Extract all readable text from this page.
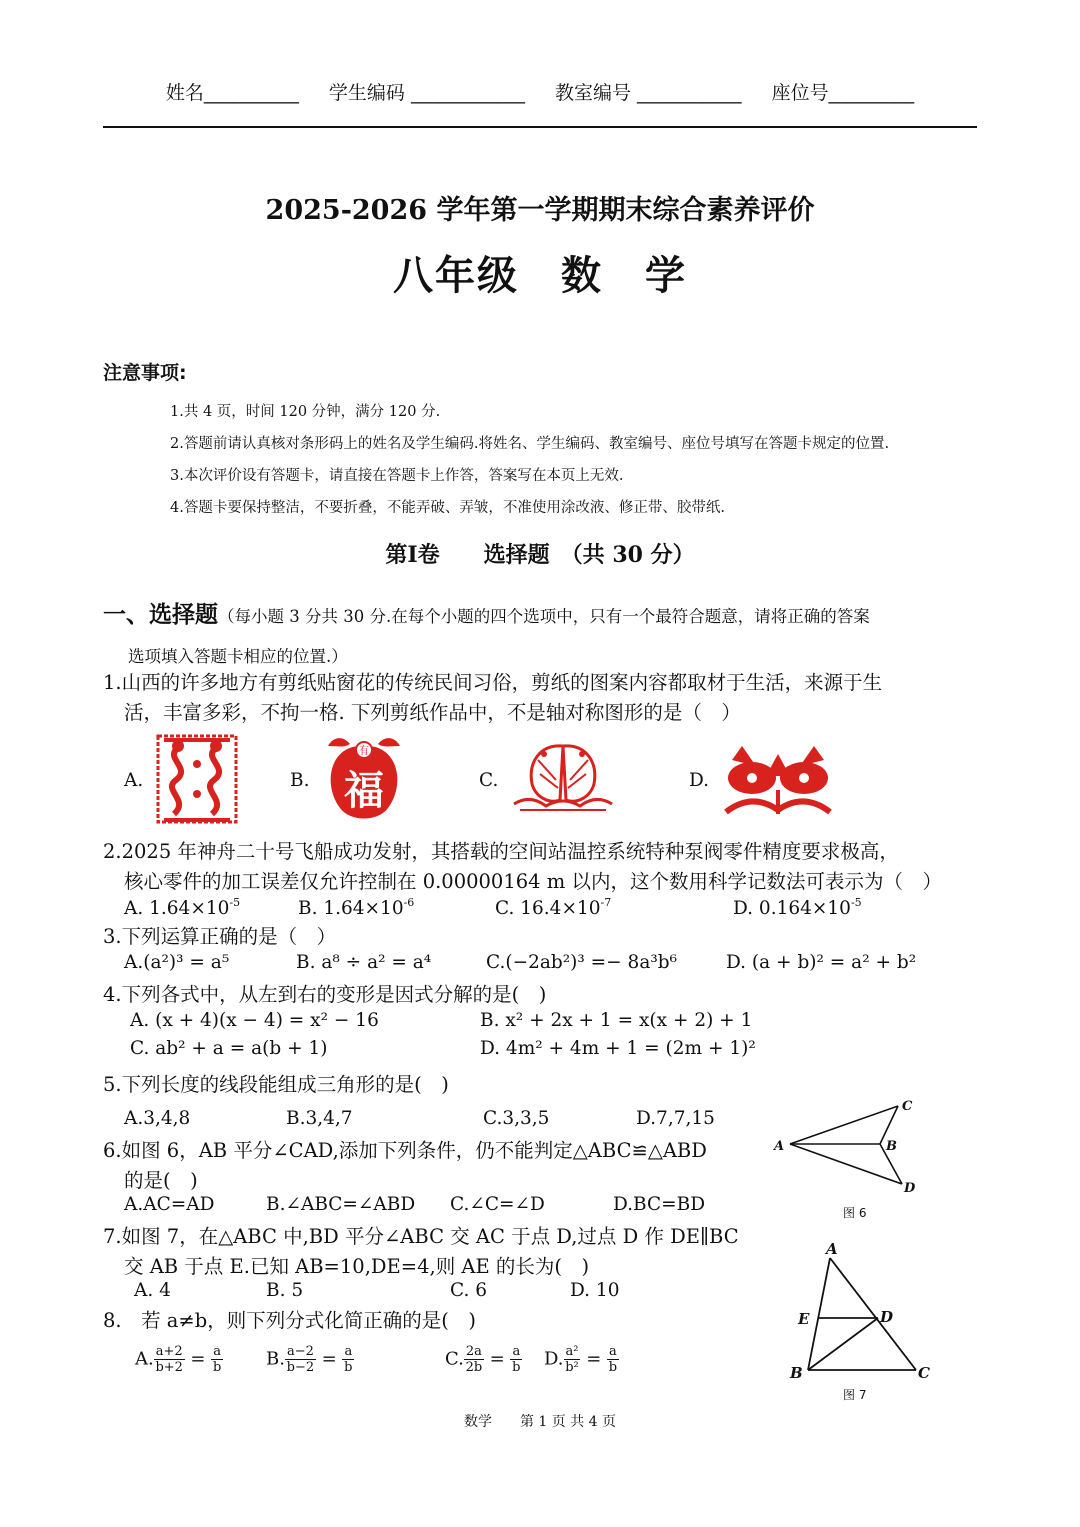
姓名__________ 学生编码 ____________ 教室编号 ___________ 座位号_________
2025-2026 学年第一学期期末综合素养评价
八年级　数　学
注意事项:
1.共 4 页，时间 120 分钟，满分 120 分.
2.答题前请认真核对条形码上的姓名及学生编码.将姓名、学生编码、教室编号、座位号填写在答题卡规定的位置.
3.本次评价设有答题卡，请直接在答题卡上作答，答案写在本页上无效.
4.答题卡要保持整洁，不要折叠，不能弄破、弄皱，不准使用涂改液、修正带、胶带纸.
第Ⅰ卷　　选择题　（共 30 分）
一、选择题（每小题 3 分共 30 分.在每个小题的四个选项中，只有一个最符合题意，请将正确的答案
选项填入答题卡相应的位置.）
1.山西的许多地方有剪纸贴窗花的传统民间习俗，剪纸的图案内容都取材于生活，来源于生
活，丰富多彩，不拘一格. 下列剪纸作品中，不是轴对称图形的是（　）
A.	B.	C.	D.
有
福
2.2025 年神舟二十号飞船成功发射，其搭载的空间站温控系统特种泵阀零件精度要求极高，
核心零件的加工误差仅允许控制在 0.00000164 m 以内，这个数用科学记数法可表示为（　）
A. $1.64\times 10^{-5}$	B. $1.64\times 10^{-6}$	C. $16.4\times 10^{-7}$	D. $0.164\times 10^{-5}$
3.下列运算正确的是（　）
A.(a²)³ = a⁵	B. a⁸ ÷ a² = a⁴	C.(−2ab²)³ =− 8a³b⁶	D. (a + b)² = a² + b²
4.下列各式中，从左到右的变形是因式分解的是(　)
A. (x + 4)(x − 4) = x² − 16	B. x² + 2x + 1 = x(x + 2) + 1
C. ab² + a = a(b + 1)	D. 4m² + 4m + 1 = (2m + 1)²
5.下列长度的线段能组成三角形的是(　)
A.3,4,8	B.3,4,7	C.3,3,5	D.7,7,15
6.如图 6，AB 平分∠CAD,添加下列条件，仍不能判定△ABC≌△ABD
的是(　)
A.AC=AD	B.∠ABC=∠ABD C.∠C=∠D	D.BC=BD
A	B
C
D
图 6
7.如图 7，在△ABC 中,BD 平分∠ABC 交 AC 于点 D,过点 D 作 DE∥BC
交 AB 于点 E.已知 AB=10,DE=4,则 AE 的长为(　)
A. 4	B. 5	C. 6	D. 10
A
E	D
B	C
图 7
8.　若 a≠b，则下列分式化简正确的是(　)
A. $\frac{a+2}{b+2} = \frac{a}{b} B$. $\frac{a-2}{b-2} = \frac{a}{b}$	C. $\frac{2a}{2b} = \frac{a}{b} D$. $\frac{\text{a²}}{\text{b²}} = \frac{a}{b}$
数学　　第 1 页 共 4 页
